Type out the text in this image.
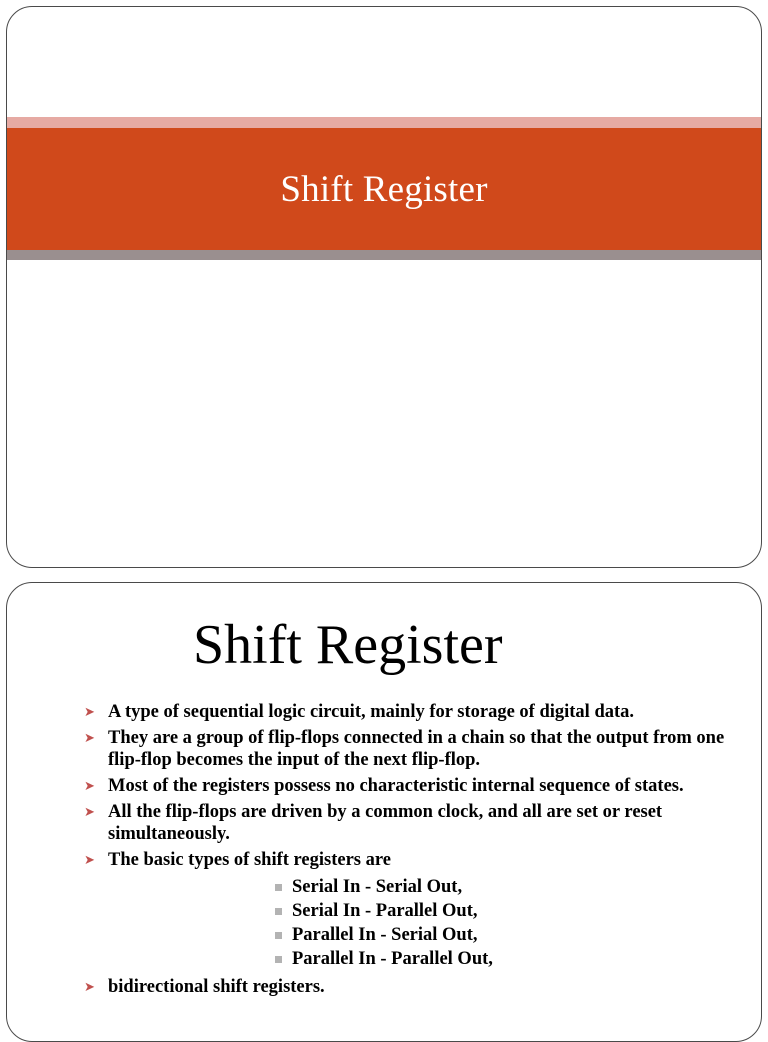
Shift Register
Shift Register
➤ A type of sequential logic circuit, mainly for storage of digital data.
➤ They are a group of flip-flops connected in a chain so that the output from one flip-flop becomes the input of the next flip-flop.
➤ Most of the registers possess no characteristic internal sequence of states.
➤ All the flip-flops are driven by a common clock, and all are set or reset simultaneously.
➤ The basic types of shift registers are
Serial In - Serial Out,
Serial In - Parallel Out,
Parallel In - Serial Out,
Parallel In - Parallel Out,
➤ bidirectional shift registers.
